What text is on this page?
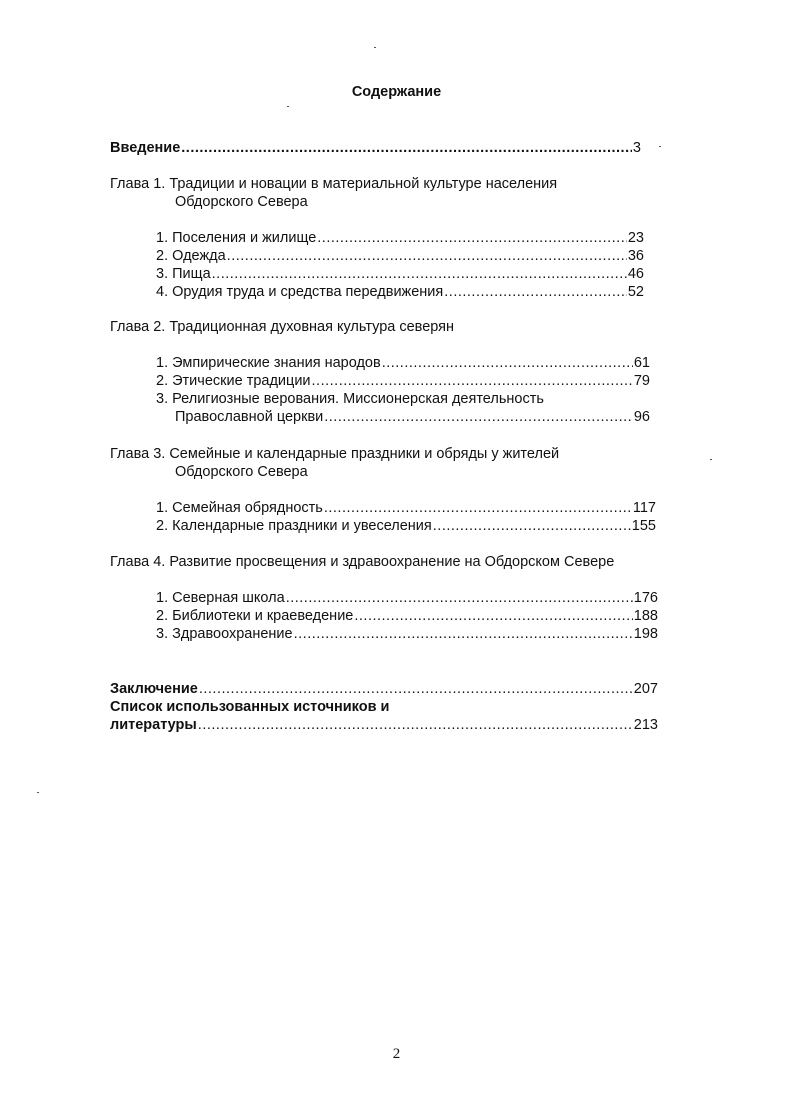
Содержание
Введение .....	3
Глава 1. Традиции и новации в материальной культуре населения
Обдорского Севера
1. Поселения и жилище .....	23
2. Одежда .....	36
3. Пища .....	46
4. Орудия труда и средства передвижения .....	52
Глава 2. Традиционная духовная культура северян
1. Эмпирические знания народов .....	61
2. Этические традиции .....	79
3. Религиозные верования. Миссионерская деятельность
Православной церкви .....	96
Глава 3. Семейные и календарные праздники и обряды у жителей
Обдорского Севера
1. Семейная обрядность .....	117
2. Календарные праздники и увеселения .....	155
Глава 4. Развитие просвещения и здравоохранение на Обдорском Севере
1. Северная школа .....	176
2. Библиотеки и краеведение .....	188
3. Здравоохранение .....	198
Заключение .....	207
Список использованных источников и
литературы .....	213
2
